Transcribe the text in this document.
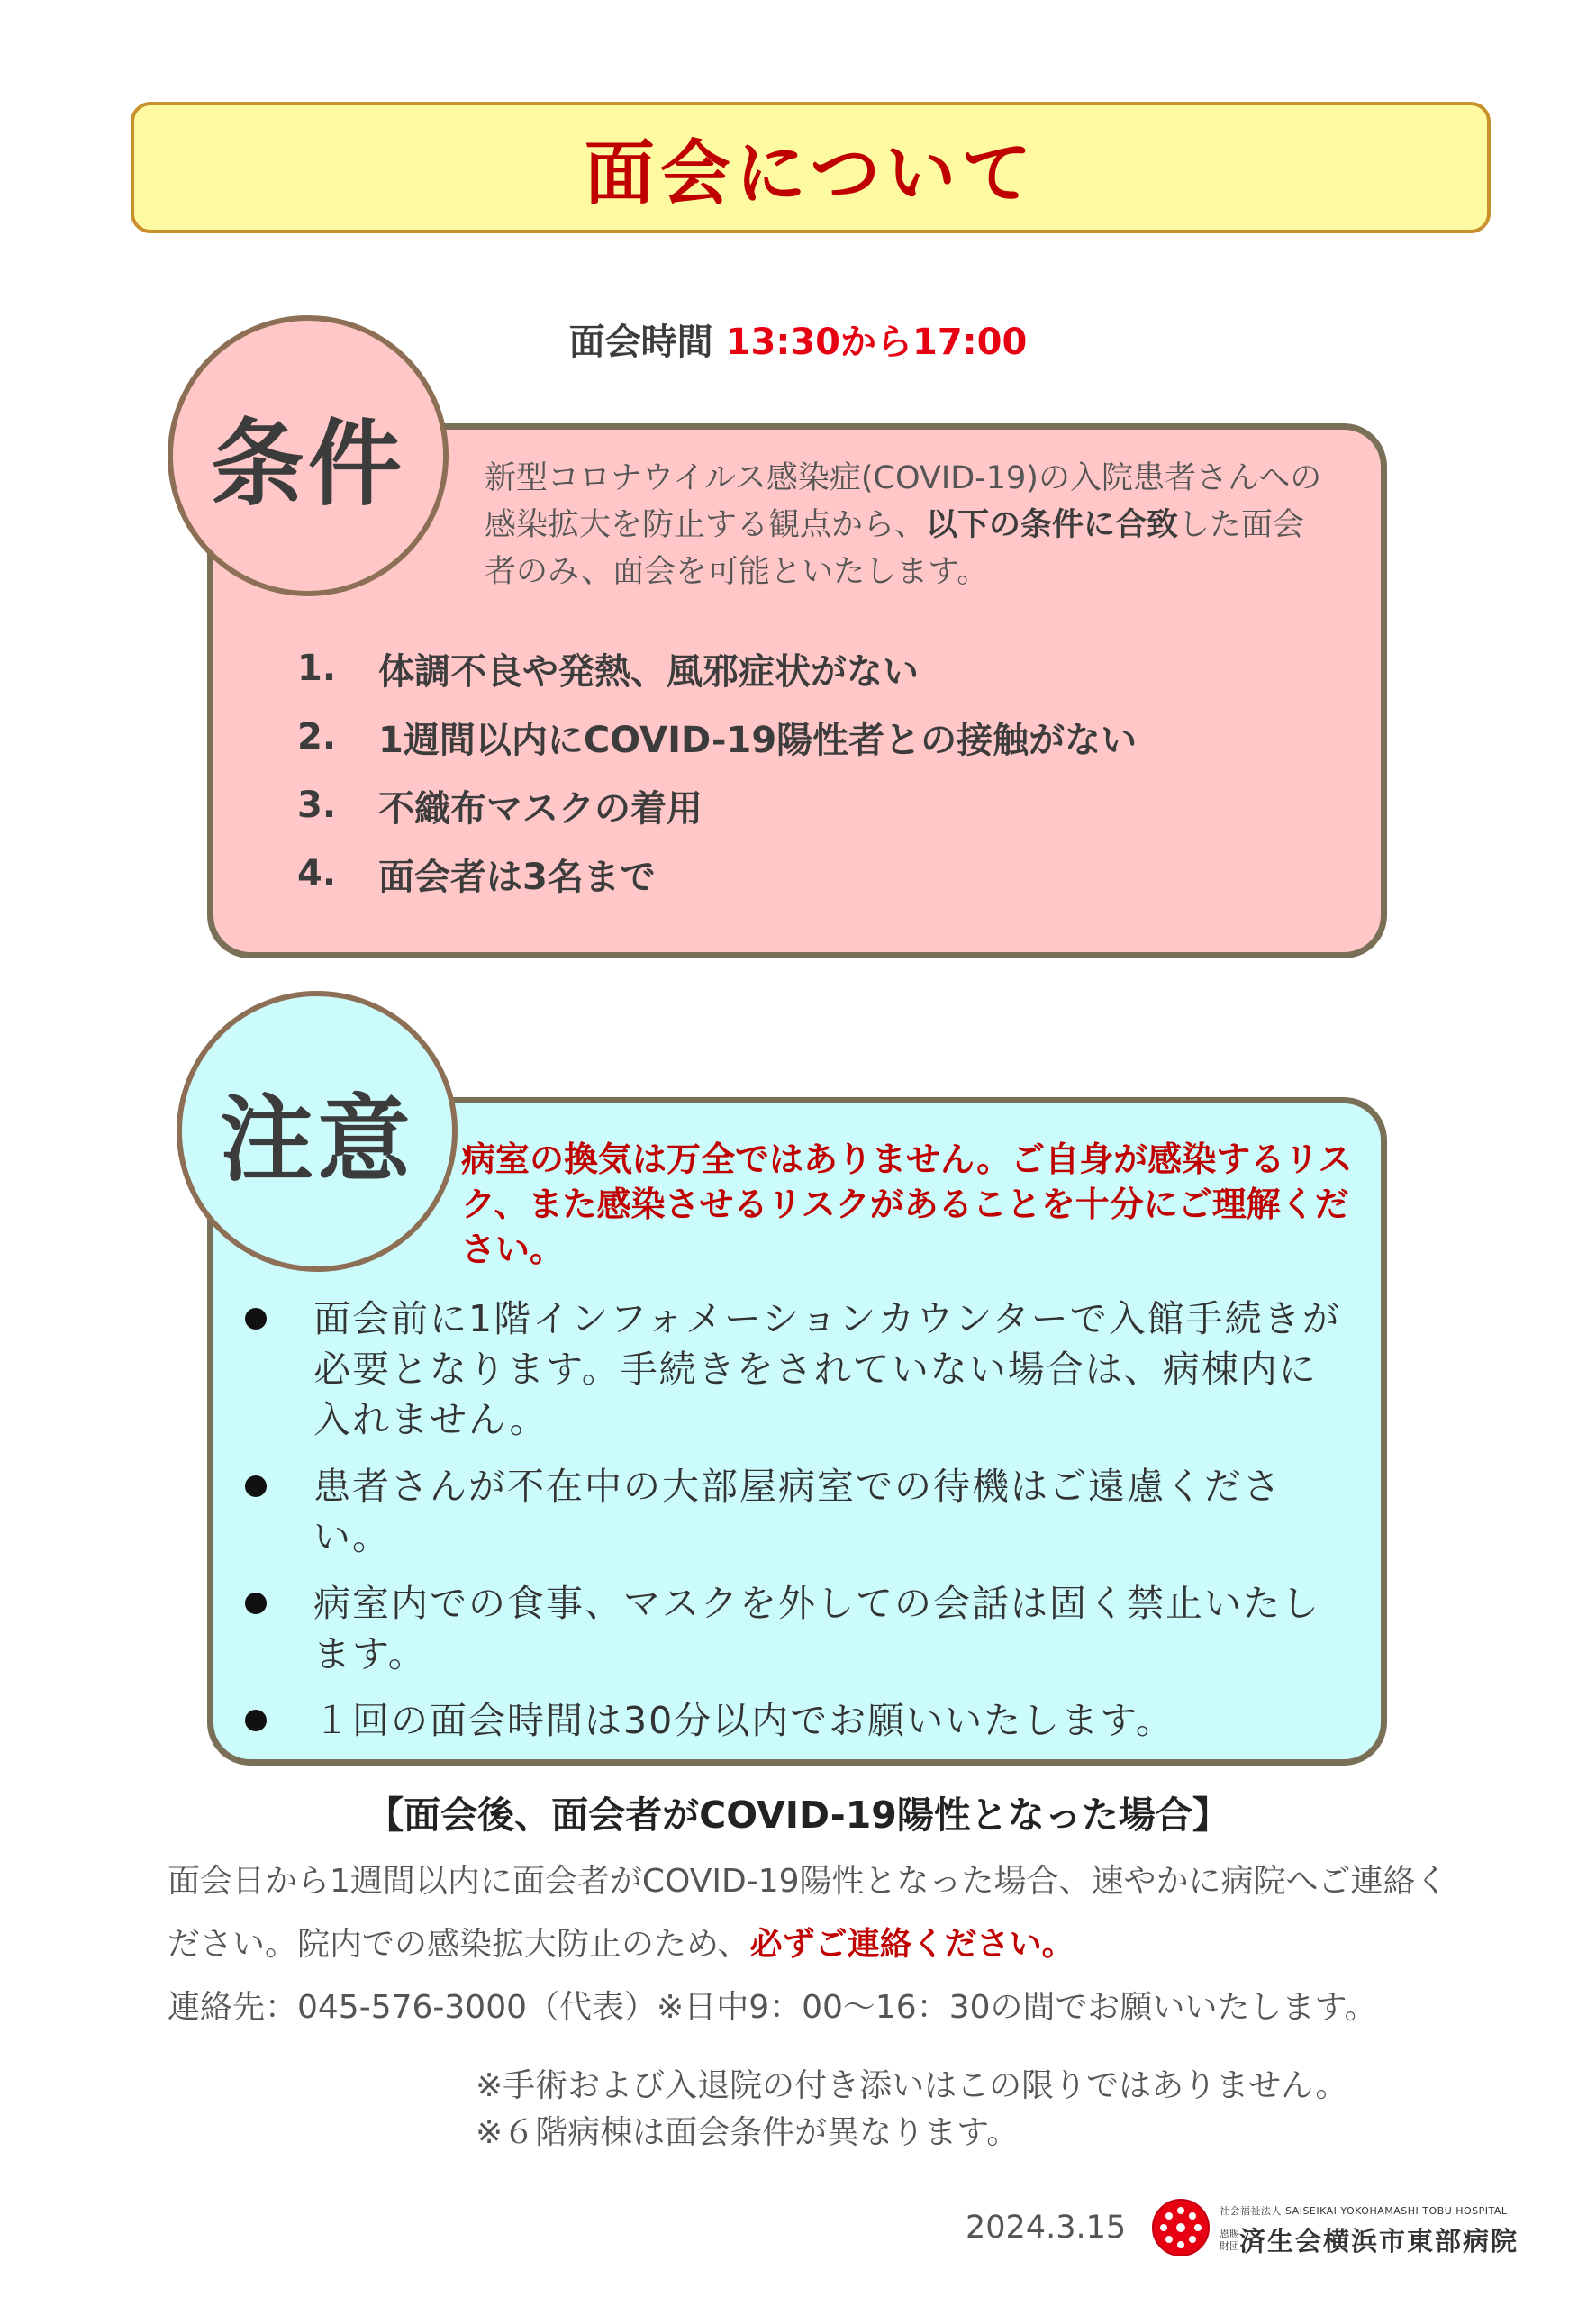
面会について
面会時間 13:30から17:00
条件	新型コロナウイルス感染症(COVID-19)の入院患者さんへの感染拡大を防止する観点から、以下の条件に合致した面会者のみ、面会を可能といたします。
1.	体調不良や発熱、風邪症状がない
2.	1週間以内にCOVID-19陽性者との接触がない
3.	不織布マスクの着用
4.	面会者は3名まで
注意	病室の換気は万全ではありません。ご自身が感染するリスク、また感染させるリスクがあることを十分にご理解ください。
面会前に1階インフォメーションカウンターで入館手続きが必要となります。手続きをされていない場合は、病棟内に入れません。
患者さんが不在中の大部屋病室での待機はご遠慮ください。
病室内での食事、マスクを外しての会話は固く禁止いたします。
１回の面会時間は30分以内でお願いいたします。
【面会後、面会者がCOVID-19陽性となった場合】
面会日から1週間以内に面会者がCOVID-19陽性となった場合、速やかに病院へご連絡ください。院内での感染拡大防止のため、必ずご連絡ください。
連絡先：045-576-3000（代表）※日中9：00～16：30の間でお願いいたします。
※手術および入退院の付き添いはこの限りではありません。
※６階病棟は面会条件が異なります。
2024.3.15	社会福祉法人 SAISEIKAI YOKOHAMASHI TOBU HOSPITAL
恩賜財団 済生会横浜市東部病院
